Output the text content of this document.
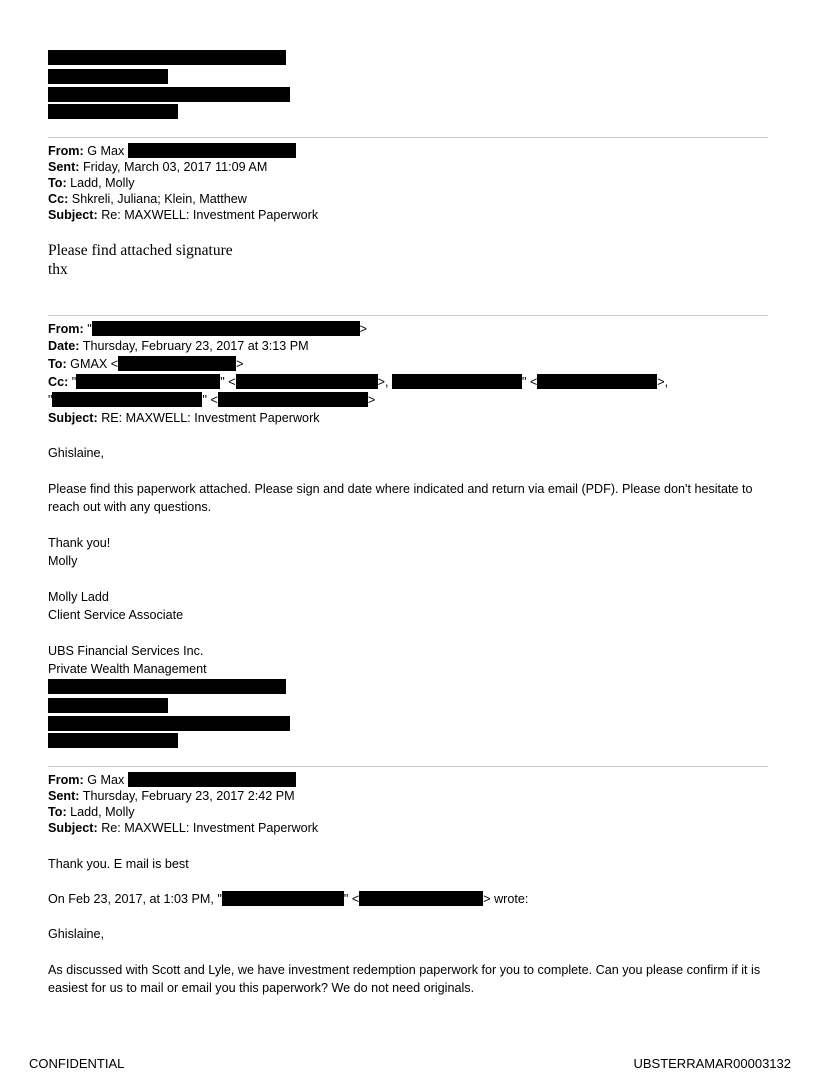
From: G Max
Sent: Friday, March 03, 2017 11:09 AM
To: Ladd, Molly
Cc: Shkreli, Juliana; Klein, Matthew
Subject: Re: MAXWELL: Investment Paperwork
Please find attached signature
thx
From: "	>
Date: Thursday, February 23, 2017 at 3:13 PM
To: GMAX <	>
Cc: "	" <	>,	" <	>,
"	" <	>
Subject: RE: MAXWELL: Investment Paperwork
Ghislaine,
Please find this paperwork attached. Please sign and date where indicated and return via email (PDF). Please don't hesitate to reach out with any questions.
Thank you!
Molly
Molly Ladd
Client Service Associate
UBS Financial Services Inc.
Private Wealth Management
From: G Max
Sent: Thursday, February 23, 2017 2:42 PM
To: Ladd, Molly
Subject: Re: MAXWELL: Investment Paperwork
Thank you. E mail is best
On Feb 23, 2017, at 1:03 PM, "	" <	> wrote:
Ghislaine,
As discussed with Scott and Lyle, we have investment redemption paperwork for you to complete. Can you please confirm if it is easiest for us to mail or email you this paperwork? We do not need originals.
CONFIDENTIAL	UBSTERRAMAR00003132
